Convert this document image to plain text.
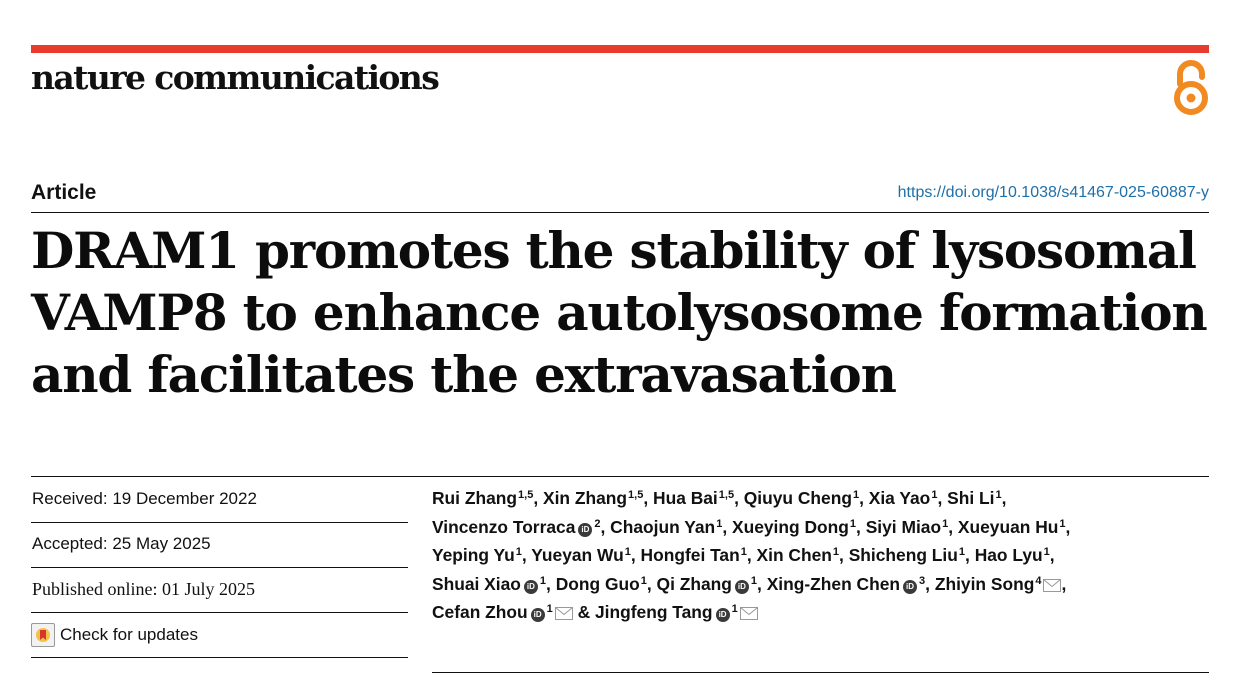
nature communications
Article	https://doi.org/10.1038/s41467-025-60887-y
DRAM1 promotes the stability of lysosomal
VAMP8 to enhance autolysosome formation
and facilitates the extravasation
Received: 19 December 2022
Accepted: 25 May 2025
Published online: 01 July 2025
Check for updates
Rui Zhang$^{1,5}$, Xin Zhang$^{1,5}$, Hua Bai$^{1,5}$, Qiuyu Cheng$^1$, Xia Yao$^1$, Shi Li$^1$,
Vincenzo Torraca iD $^2$, Chaojun Yan$^1$, Xueying Dong$^1$, Siyi Miao$^1$, Xueyuan Hu$^1$,
Yeping Yu$^1$, Yueyan Wu$^1$, Hongfei Tan$^1$, Xin Chen$^1$, Shicheng Liu$^1$, Hao Lyu$^1$,
Shuai Xiao iD $^1$, Dong Guo$^1$, Qi Zhang iD $^1$, Xing-Zhen Chen iD $^3$, Zhiyin Song$^4$ ,
Cefan Zhou iD $^1$ & Jingfeng Tang iD $^1$
